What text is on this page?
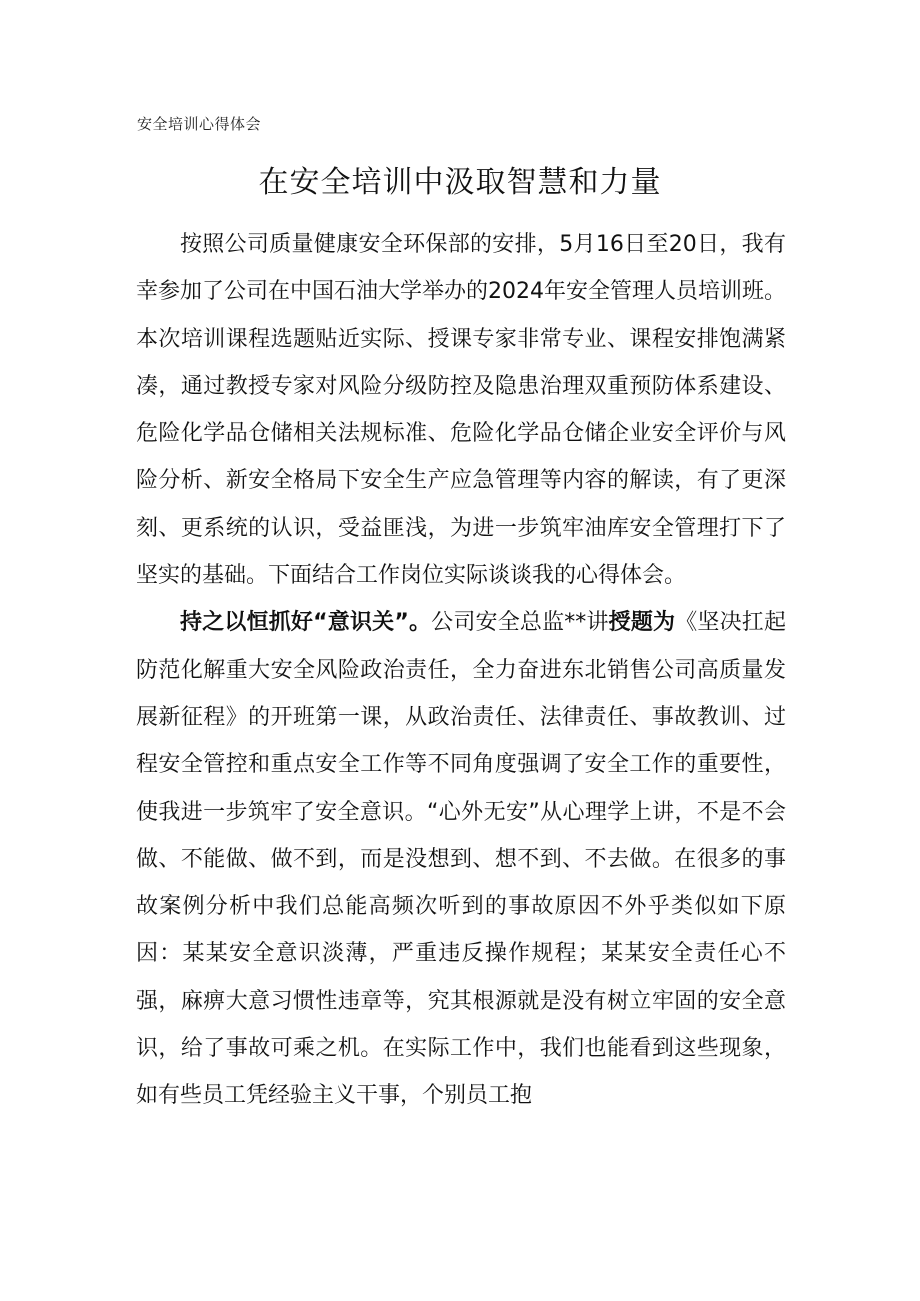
安全培训心得体会
在安全培训中汲取智慧和力量

按照公司质量健康安全环保部的安排，5月16日至20日，我有幸参加了公司在中国石油大学举办的2024年安全管理人员培训班。本次培训课程选题贴近实际、授课专家非常专业、课程安排饱满紧凑，通过教授专家对风险分级防控及隐患治理双重预防体系建设、危险化学品仓储相关法规标准、危险化学品仓储企业安全评价与风险分析、新安全格局下安全生产应急管理等内容的解读，有了更深刻、更系统的认识，受益匪浅，为进一步筑牢油库安全管理打下了坚实的基础。下面结合工作岗位实际谈谈我的心得体会。

持之以恒抓好“意识关”。公司安全总监**讲授题为《坚决扛起防范化解重大安全风险政治责任，全力奋进东北销售公司高质量发展新征程》的开班第一课，从政治责任、法律责任、事故教训、过程安全管控和重点安全工作等不同角度强调了安全工作的重要性，使我进一步筑牢了安全意识。“心外无安”从心理学上讲，不是不会做、不能做、做不到，而是没想到、想不到、不去做。在很多的事故案例分析中我们总能高频次听到的事故原因不外乎类似如下原因：某某安全意识淡薄，严重违反操作规程；某某安全责任心不强，麻痹大意习惯性违章等，究其根源就是没有树立牢固的安全意识，给了事故可乘之机。在实际工作中，我们也能看到这些现象，如有些员工凭经验主义干事，个别员工抱
